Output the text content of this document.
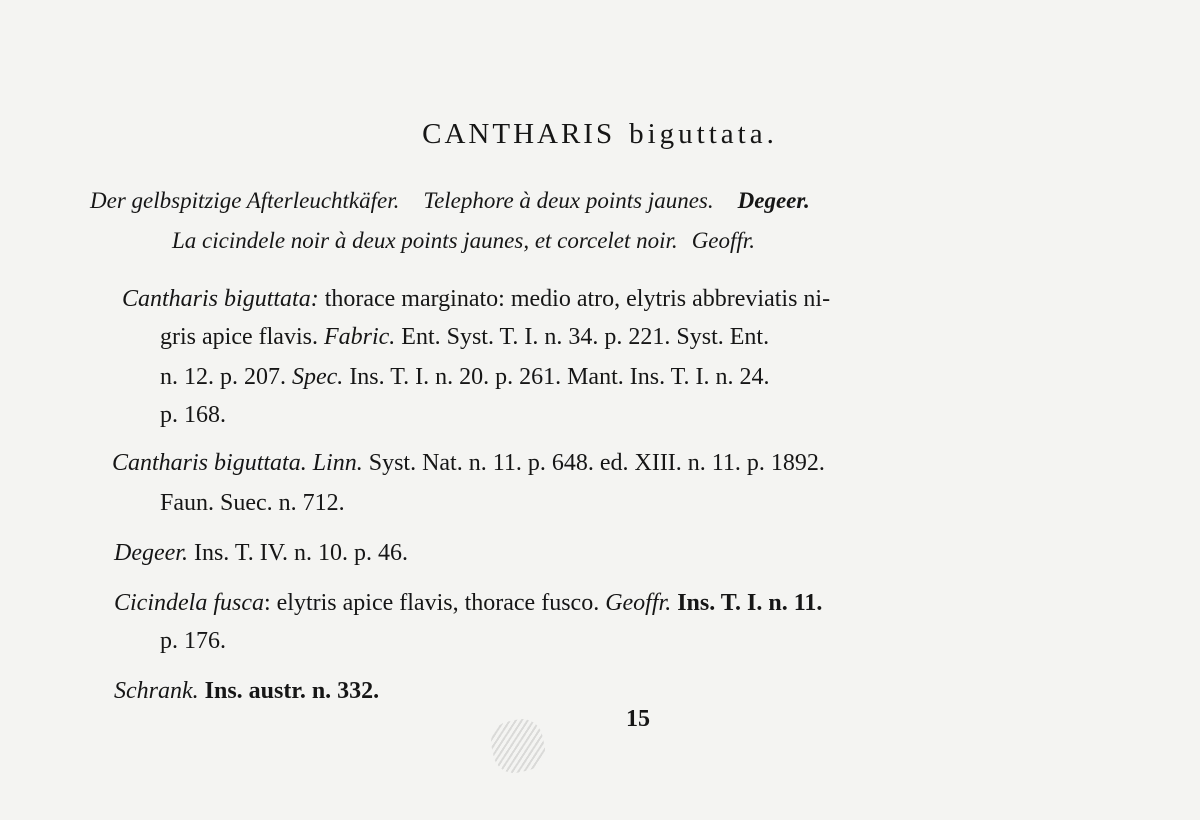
CANTHARIS biguttata.
Der gelbspitzige Afterleuchtkäfer. Telephore à deux points jaunes. Degeer.
La cicindele noir à deux points jaunes, et corcelet noir. Geoffr.
Cantharis biguttata: thorace marginato: medio atro, elytris abbreviatis ni-
gris apice flavis. Fabric. Ent. Syst. T. I. n. 34. p. 221. Syst. Ent.
n. 12. p. 207. Spec. Ins. T. I. n. 20. p. 261. Mant. Ins. T. I. n. 24.
p. 168.
Cantharis biguttata. Linn. Syst. Nat. n. 11. p. 648. ed. XIII. n. 11. p. 1892.
Faun. Suec. n. 712.
Degeer. Ins. T. IV. n. 10. p. 46.
Cicindela fusca: elytris apice flavis, thorace fusco. Geoffr. Ins. T. I. n. 11.
p. 176.
Schrank. Ins. austr. n. 332.
15
